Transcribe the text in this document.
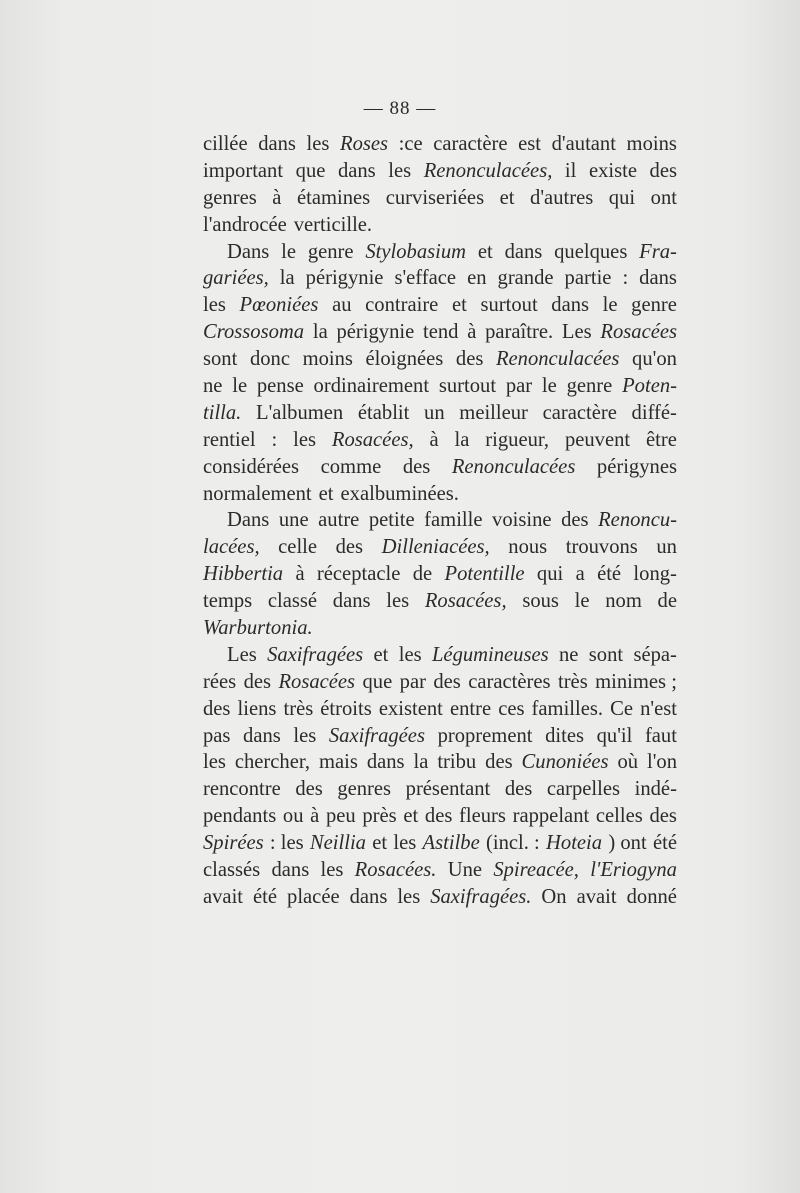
— 88 —
cillée dans les Roses :ce caractère est d'autant moins
important que dans les Renonculacées, il existe des
genres à étamines curviseriées et d'autres qui ont
l'androcée verticille.
Dans le genre Stylobasium et dans quelques Fra-
gariées, la périgynie s'efface en grande partie : dans
les Pœoniées au contraire et surtout dans le genre
Crossosoma la périgynie tend à paraître. Les Rosacées
sont donc moins éloignées des Renonculacées qu'on
ne le pense ordinairement surtout par le genre Poten-
tilla. L'albumen établit un meilleur caractère diffé-
rentiel : les Rosacées, à la rigueur, peuvent être
considérées comme des Renonculacées périgynes
normalement et exalbuminées.
Dans une autre petite famille voisine des Renoncu-
lacées, celle des Dilleniacées, nous trouvons un
Hibbertia à réceptacle de Potentille qui a été long-
temps classé dans les Rosacées, sous le nom de
Warburtonia.
Les Saxifragées et les Légumineuses ne sont sépa-
rées des Rosacées que par des caractères très minimes ;
des liens très étroits existent entre ces familles. Ce n'est
pas dans les Saxifragées proprement dites qu'il faut
les chercher, mais dans la tribu des Cunoniées où l'on
rencontre des genres présentant des carpelles indé-
pendants ou à peu près et des fleurs rappelant celles des
Spirées : les Neillia et les Astilbe (incl. : Hoteia ) ont été
classés dans les Rosacées. Une Spireacée, l'Eriogyna
avait été placée dans les Saxifragées. On avait donné
